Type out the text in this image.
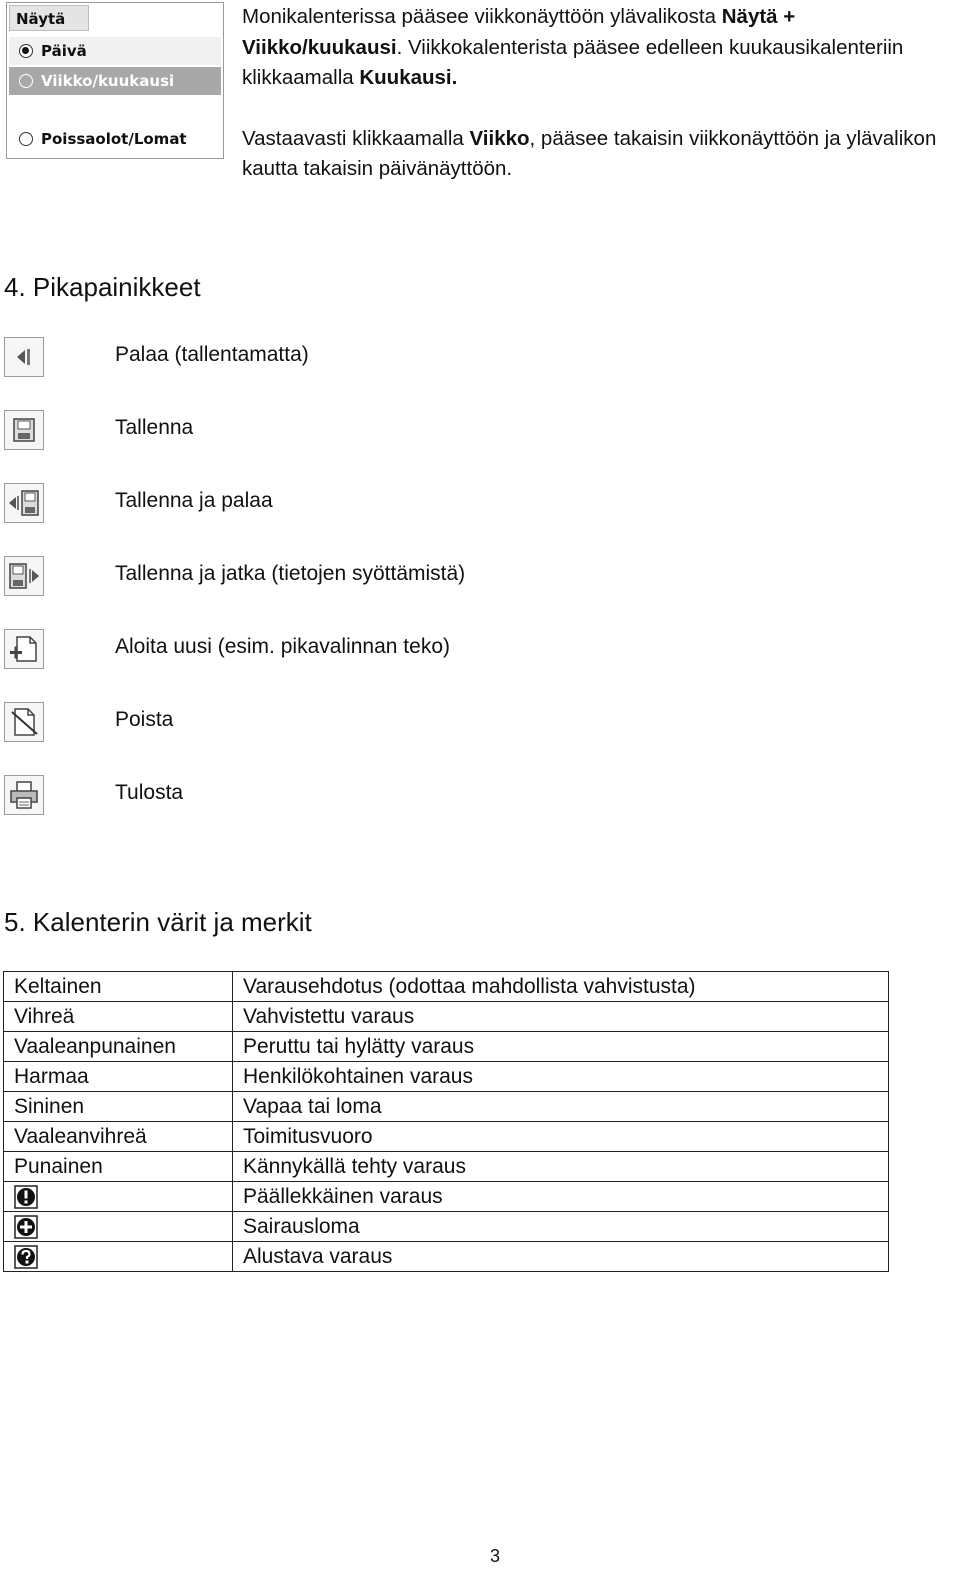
Näytä
Päivä
Viikko/kuukausi
Poissaolot/Lomat

Monikalenterissa pääsee viikkonäyttöön ylävalikosta Näytä + Viikko/kuukausi. Viikkokalenterista pääsee edelleen kuukausikalenteriin klikkaamalla Kuukausi.

Vastaavasti klikkaamalla Viikko, pääsee takaisin viikkonäyttöön ja ylävalikon kautta takaisin päivänäyttöön.

4. Pikapainikkeet
Palaa (tallentamatta)
Tallenna
Tallenna ja palaa
Tallenna ja jatka (tietojen syöttämistä)
Aloita uusi (esim. pikavalinnan teko)
Poista
Tulosta
5. Kalenterin värit ja merkit
Keltainen	Varausehdotus (odottaa mahdollista vahvistusta)
Vihreä	Vahvistettu varaus
Vaaleanpunainen	Peruttu tai hylätty varaus
Harmaa	Henkilökohtainen varaus
Sininen	Vapaa tai loma
Vaaleanvihreä	Toimitusvuoro
Punainen	Kännykällä tehty varaus
	Päällekkäinen varaus
	Sairausloma
	Alustava varaus
3
